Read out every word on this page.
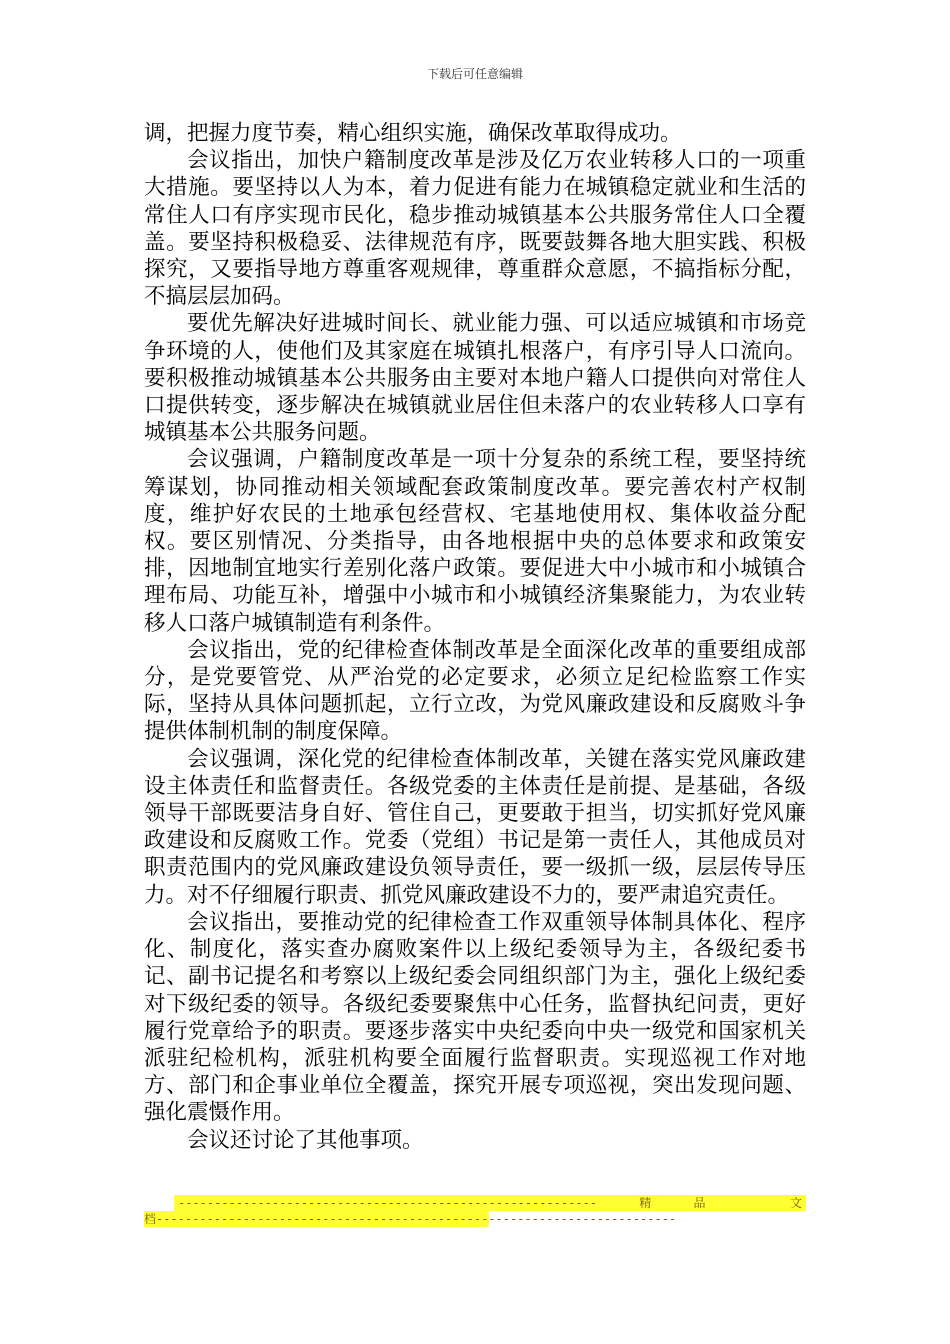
下载后可任意编辑

调，把握力度节奏，精心组织实施，确保改革取得成功。

会议指出，加快户籍制度改革是涉及亿万农业转移人口的一项重大措施。要坚持以人为本，着力促进有能力在城镇稳定就业和生活的常住人口有序实现市民化，稳步推动城镇基本公共服务常住人口全覆盖。要坚持积极稳妥、法律规范有序，既要鼓舞各地大胆实践、积极探究，又要指导地方尊重客观规律，尊重群众意愿，不搞指标分配，不搞层层加码。

要优先解决好进城时间长、就业能力强、可以适应城镇和市场竞争环境的人，使他们及其家庭在城镇扎根落户，有序引导人口流向。要积极推动城镇基本公共服务由主要对本地户籍人口提供向对常住人口提供转变，逐步解决在城镇就业居住但未落户的农业转移人口享有城镇基本公共服务问题。

会议强调，户籍制度改革是一项十分复杂的系统工程，要坚持统筹谋划，协同推动相关领域配套政策制度改革。要完善农村产权制度，维护好农民的土地承包经营权、宅基地使用权、集体收益分配权。要区别情况、分类指导，由各地根据中央的总体要求和政策安排，因地制宜地实行差别化落户政策。要促进大中小城市和小城镇合理布局、功能互补，增强中小城市和小城镇经济集聚能力，为农业转移人口落户城镇制造有利条件。

会议指出，党的纪律检查体制改革是全面深化改革的重要组成部分，是党要管党、从严治党的必定要求，必须立足纪检监察工作实际，坚持从具体问题抓起，立行立改，为党风廉政建设和反腐败斗争提供体制机制的制度保障。

会议强调，深化党的纪律检查体制改革，关键在落实党风廉政建设主体责任和监督责任。各级党委的主体责任是前提、是基础，各级领导干部既要洁身自好、管住自己，更要敢于担当，切实抓好党风廉政建设和反腐败工作。党委（党组）书记是第一责任人，其他成员对职责范围内的党风廉政建设负领导责任，要一级抓一级，层层传导压力。对不仔细履行职责、抓党风廉政建设不力的，要严肃追究责任。

会议指出，要推动党的纪律检查工作双重领导体制具体化、程序化、制度化，落实查办腐败案件以上级纪委领导为主，各级纪委书记、副书记提名和考察以上级纪委会同组织部门为主，强化上级纪委对下级纪委的领导。各级纪委要聚焦中心任务，监督执纪问责，更好履行党章给予的职责。要逐步落实中央纪委向中央一级党和国家机关派驻纪检机构，派驻机构要全面履行监督职责。实现巡视工作对地方、部门和企事业单位全覆盖，探究开展专项巡视，突出发现问题、强化震慑作用。

会议还讨论了其他事项。

----------------------------------------------------------	精	品	文
档------------------------------------------------------------------------
